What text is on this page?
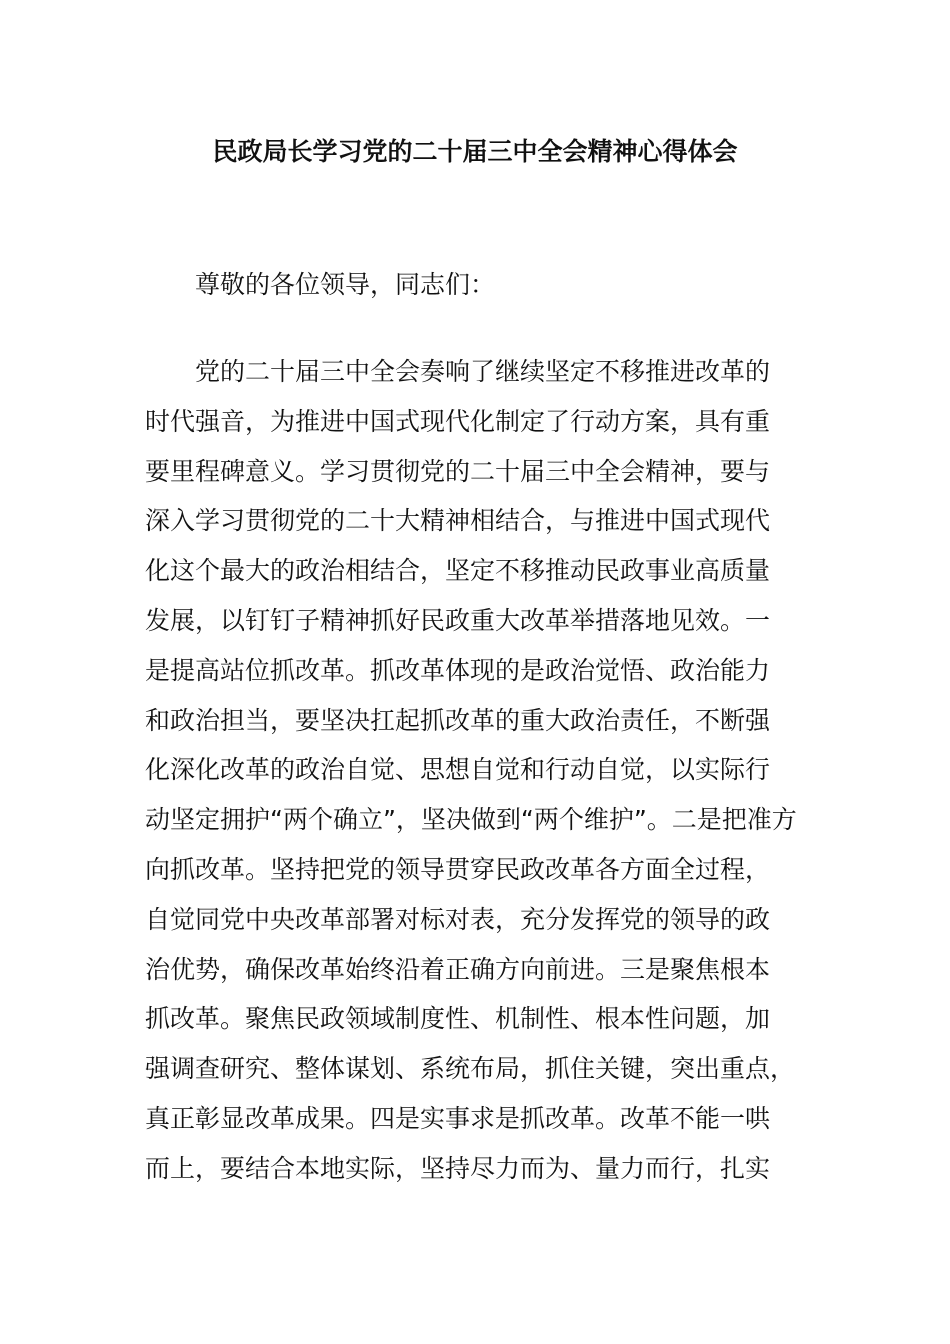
民政局长学习党的二十届三中全会精神心得体会
尊敬的各位领导，同志们：
党的二十届三中全会奏响了继续坚定不移推进改革的
时代强音，为推进中国式现代化制定了行动方案，具有重
要里程碑意义。学习贯彻党的二十届三中全会精神，要与
深入学习贯彻党的二十大精神相结合，与推进中国式现代
化这个最大的政治相结合，坚定不移推动民政事业高质量
发展，以钉钉子精神抓好民政重大改革举措落地见效。一
是提高站位抓改革。抓改革体现的是政治觉悟、政治能力
和政治担当，要坚决扛起抓改革的重大政治责任，不断强
化深化改革的政治自觉、思想自觉和行动自觉，以实际行
动坚定拥护“两个确立”，坚决做到“两个维护”。二是把准方
向抓改革。坚持把党的领导贯穿民政改革各方面全过程，
自觉同党中央改革部署对标对表，充分发挥党的领导的政
治优势，确保改革始终沿着正确方向前进。三是聚焦根本
抓改革。聚焦民政领域制度性、机制性、根本性问题，加
强调查研究、整体谋划、系统布局，抓住关键，突出重点，
真正彰显改革成果。四是实事求是抓改革。改革不能一哄
而上，要结合本地实际，坚持尽力而为、量力而行，扎实
